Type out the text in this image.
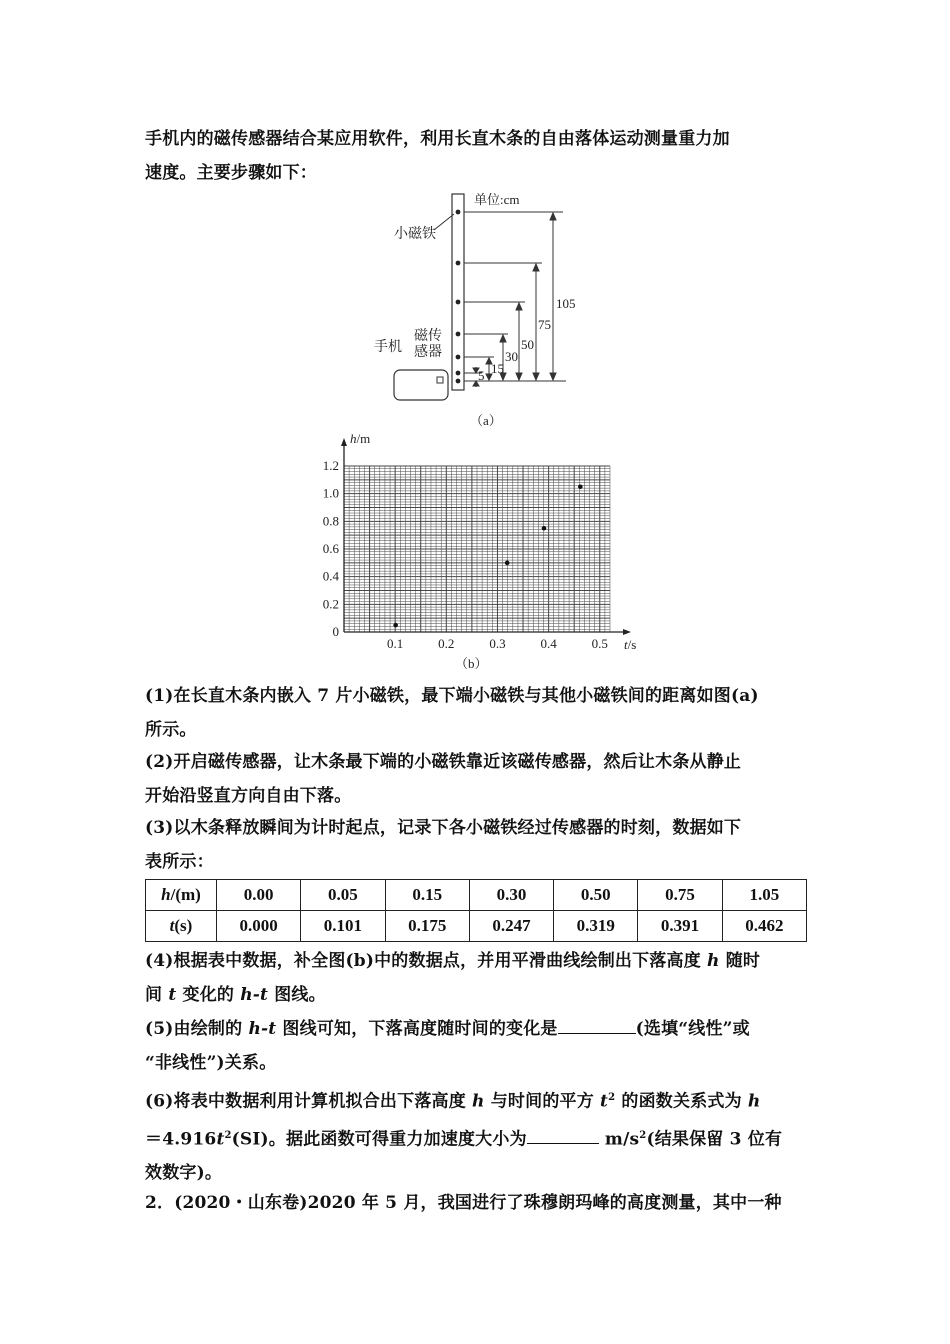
手机内的磁传感器结合某应用软件，利用长直木条的自由落体运动测量重力加
速度。主要步骤如下：
105
75
50
30
15
5
单位:cm
小磁铁
磁传
感器
手机
（a）
0.1	0.2	0.3	0.4	0.5
0
0.2
0.4
0.6
0.8
1.0
1.2
h/m
t/s
（b）
(1)在长直木条内嵌入 7 片小磁铁，最下端小磁铁与其他小磁铁间的距离如图(a)
所示。
(2)开启磁传感器，让木条最下端的小磁铁靠近该磁传感器，然后让木条从静止
开始沿竖直方向自由下落。
(3)以木条释放瞬间为计时起点，记录下各小磁铁经过传感器的时刻，数据如下
表所示：
h/(m)	0.00	0.05	0.15	0.30	0.50	0.75	1.05
t(s)	0.000	0.101	0.175	0.247	0.319	0.391	0.462
(4)根据表中数据，补全图(b)中的数据点，并用平滑曲线绘制出下落高度 h 随时
间 t 变化的 h-t 图线。
(5)由绘制的 h-t 图线可知，下落高度随时间的变化是	(选填“线性”或
“非线性”)关系。
(6)将表中数据利用计算机拟合出下落高度 h 与时间的平方 $t^2$ 的函数关系式为 h
$=4.916t^2(SI)$。据此函数可得重力加速度大小为	$m/s^2$(结果保留 3 位有
效数字)。
2．(2020・山东卷)2020 年 5 月，我国进行了珠穆朗玛峰的高度测量，其中一种
